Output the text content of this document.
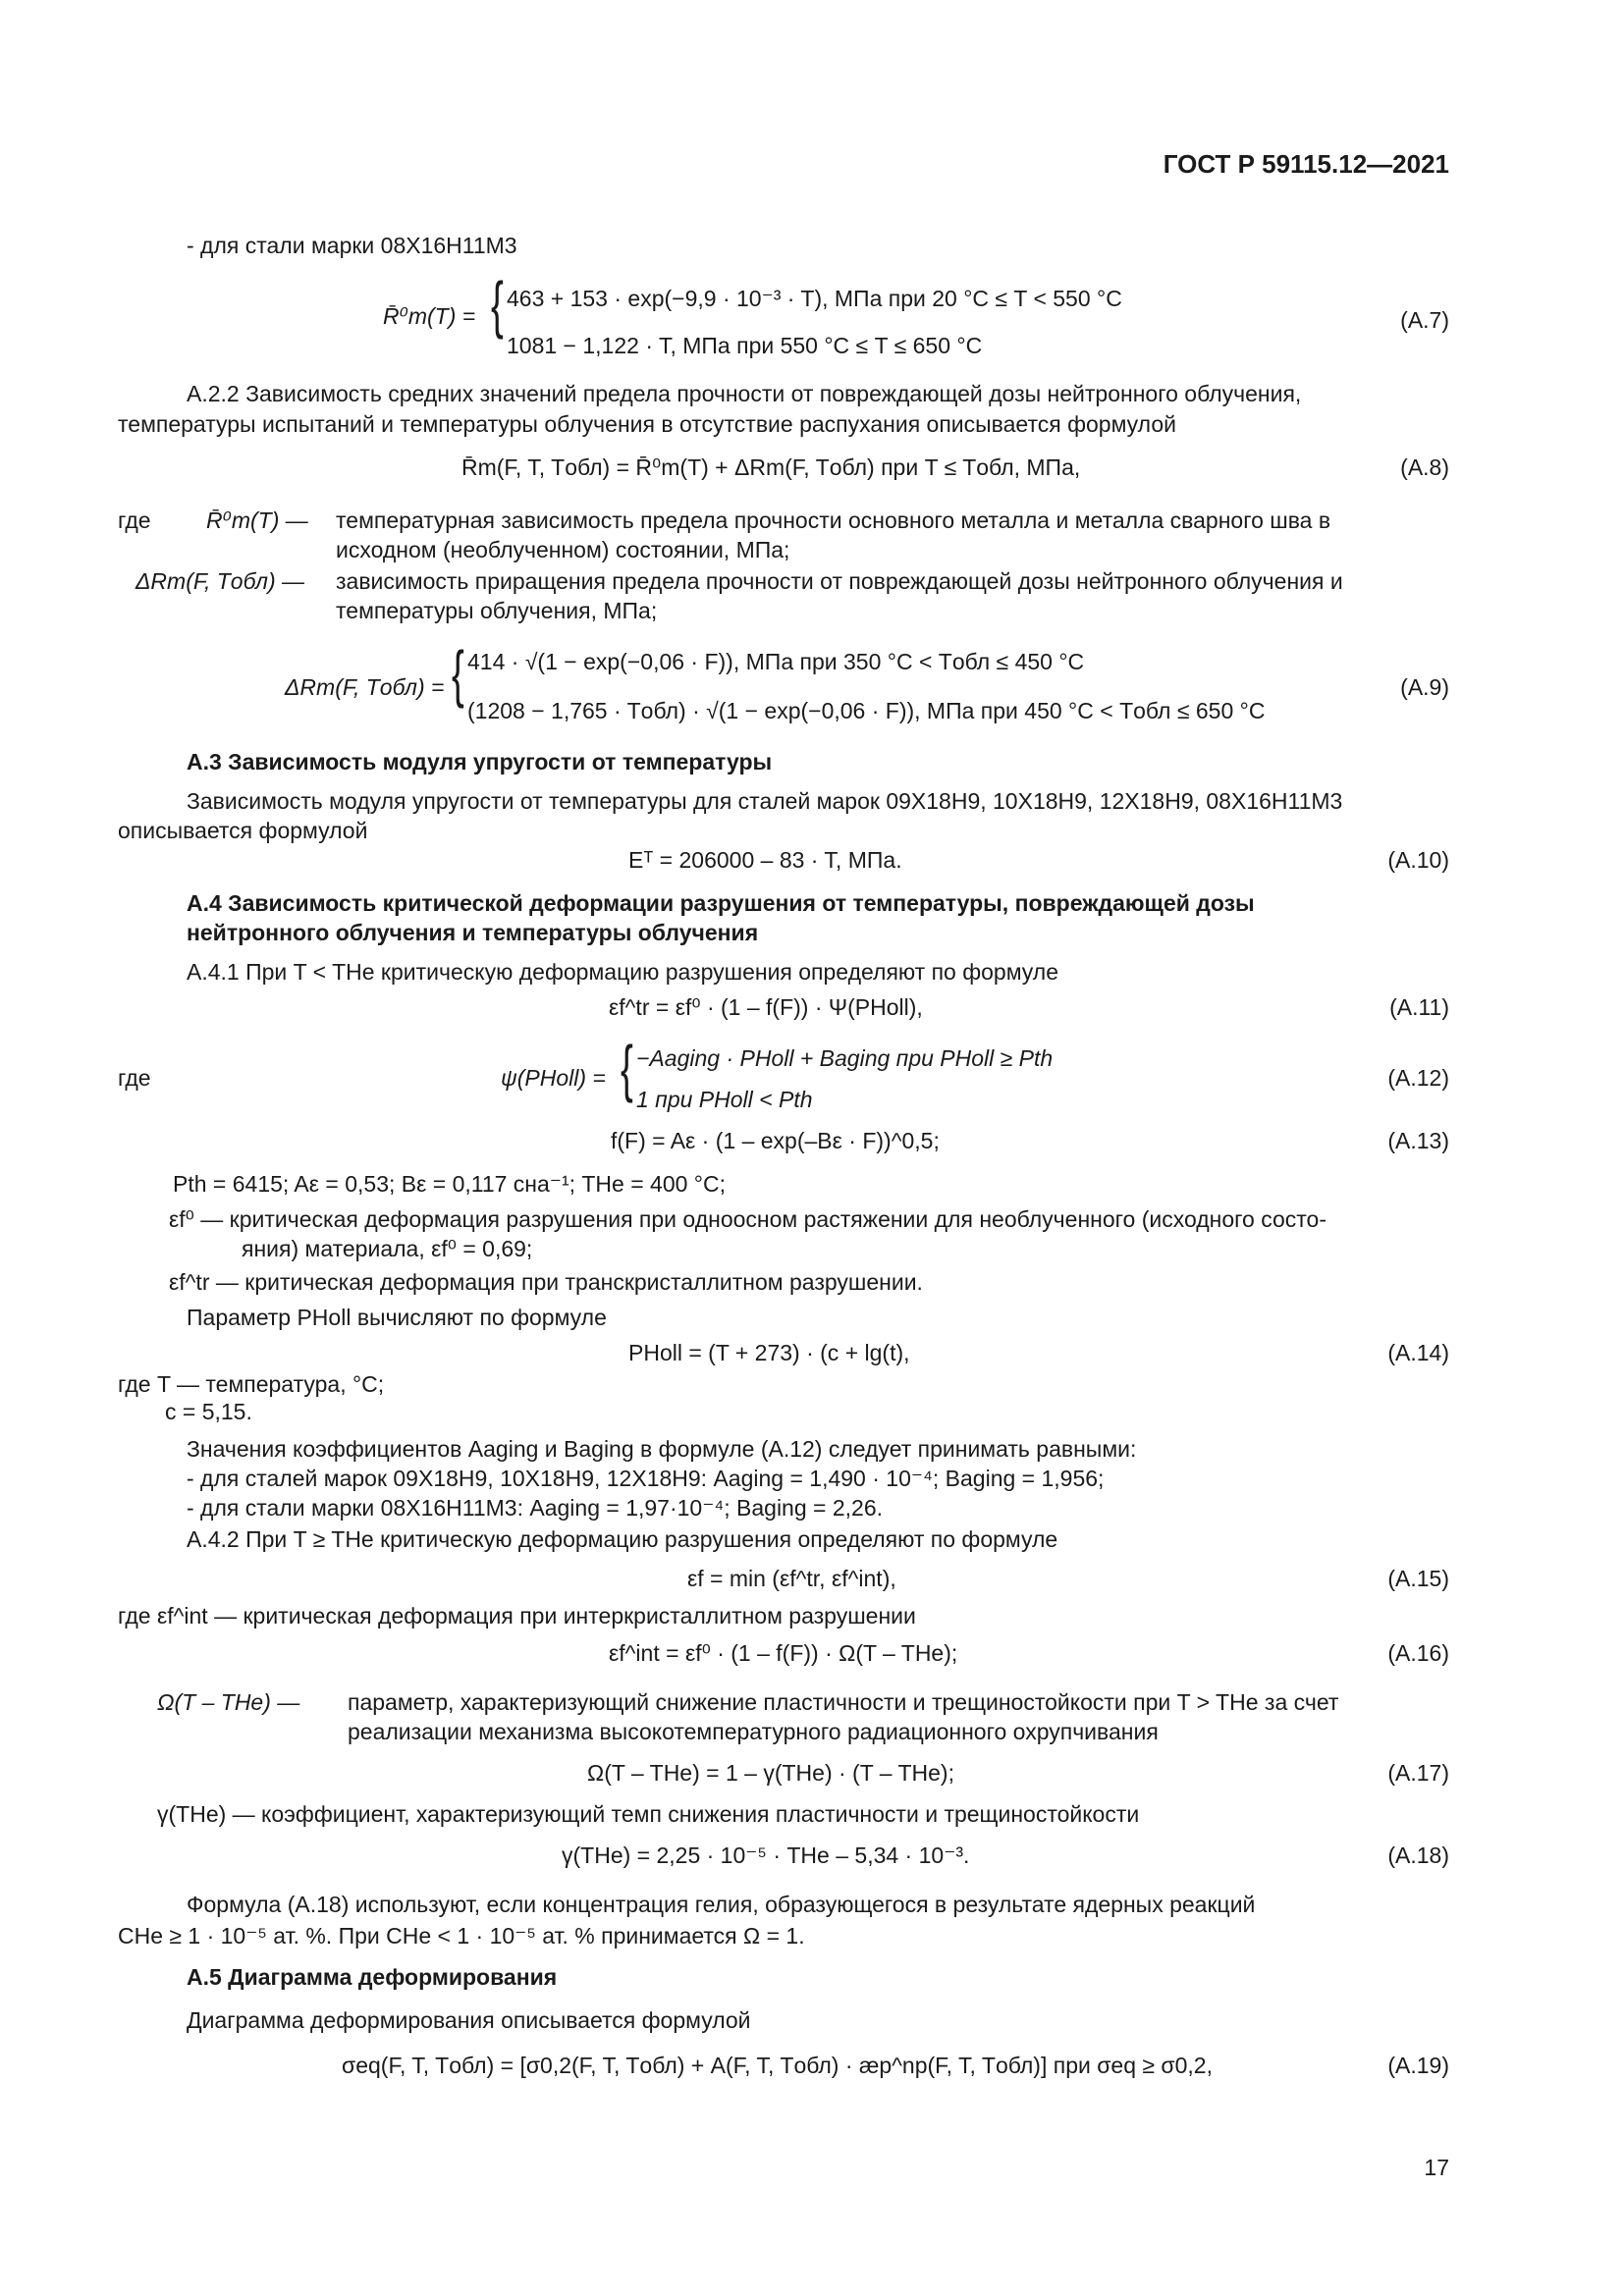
ГОСТ Р 59115.12—2021
- для стали марки 08Х16Н11М3
R̄⁰m(T) = { 463 + 153 · exp(−9,9 · 10⁻³ · T), МПа при 20 °С ≤ T < 550 °С
1081 − 1,122 · T, МПа при 550 °С ≤ T ≤ 650 °С
(А.7)
А.2.2 Зависимость средних значений предела прочности от повреждающей дозы нейтронного облучения,
температуры испытаний и температуры облучения в отсутствие распухания описывается формулой
R̄m(F, T, Tобл) = R̄⁰m(T) + ΔRm(F, Tобл) при T ≤ Tобл, МПа,	(А.8)
где R̄⁰m(T) — температурная зависимость предела прочности основного металла и металла сварного шва в
исходном (необлученном) состоянии, МПа;
ΔRm(F, Tобл) — зависимость приращения предела прочности от повреждающей дозы нейтронного облучения и
температуры облучения, МПа;
ΔRm(F, Tобл) = { 414 · √(1 − exp(−0,06 · F)), МПа при 350 °С < Tобл ≤ 450 °С
(1208 − 1,765 · Tобл) · √(1 − exp(−0,06 · F)), МПа при 450 °С < Tобл ≤ 650 °С
(А.9)
А.3 Зависимость модуля упругости от температуры
Зависимость модуля упругости от температуры для сталей марок 09Х18Н9, 10Х18Н9, 12Х18Н9, 08Х16Н11М3
описывается формулой
Eᵀ = 206000 – 83 · T, МПа.	(А.10)
А.4 Зависимость критической деформации разрушения от температуры, повреждающей дозы
нейтронного облучения и температуры облучения
А.4.1 При T < THe критическую деформацию разрушения определяют по формуле
εf^tr = εf⁰ · (1 – f(F)) · Ψ(PHoll),	(А.11)
где	ψ(PHoll) = { −Aaging · PHoll + Baging при PHoll ≥ Pth
1 при PHoll < Pth
(А.12)
f(F) = Aε · (1 – exp(–Bε · F))^0,5;	(А.13)
Pth = 6415; Aε = 0,53; Bε = 0,117 сна⁻¹; THe = 400 °С;
εf⁰ — критическая деформация разрушения при одноосном растяжении для необлученного (исходного состо-
яния) материала, εf⁰ = 0,69;
εf^tr — критическая деформация при транскристаллитном разрушении.
Параметр PHoll вычисляют по формуле
PHoll = (T + 273) · (c + lg(t),	(А.14)
где T — температура, °С;
c = 5,15.
Значения коэффициентов Aaging и Baging в формуле (А.12) следует принимать равными:
- для сталей марок 09Х18Н9, 10Х18Н9, 12Х18Н9: Aaging = 1,490 · 10⁻⁴; Baging = 1,956;
- для стали марки 08Х16Н11М3: Aaging = 1,97·10⁻⁴; Baging = 2,26.
А.4.2 При T ≥ THe критическую деформацию разрушения определяют по формуле
εf = min (εf^tr, εf^int),	(А.15)
где εf^int — критическая деформация при интеркристаллитном разрушении
εf^int = εf⁰ · (1 – f(F)) · Ω(T – THe);	(А.16)
Ω(T – THe) — параметр, характеризующий снижение пластичности и трещиностойкости при T > THe за счет
реализации механизма высокотемпературного радиационного охрупчивания
Ω(T – THe) = 1 – γ(THe) · (T – THe);	(А.17)
γ(THe) — коэффициент, характеризующий темп снижения пластичности и трещиностойкости
γ(THe) = 2,25 · 10⁻⁵ · THe – 5,34 · 10⁻³.	(А.18)
Формула (А.18) используют, если концентрация гелия, образующегося в результате ядерных реакций
CHe ≥ 1 · 10⁻⁵ ат. %. При CHe < 1 · 10⁻⁵ ат. % принимается Ω = 1.
А.5 Диаграмма деформирования
Диаграмма деформирования описывается формулой
σeq(F, T, Tобл) = [σ0,2(F, T, Tобл) + A(F, T, Tобл) · æp^np(F, T, Tобл)] при σeq ≥ σ0,2,	(А.19)
17
